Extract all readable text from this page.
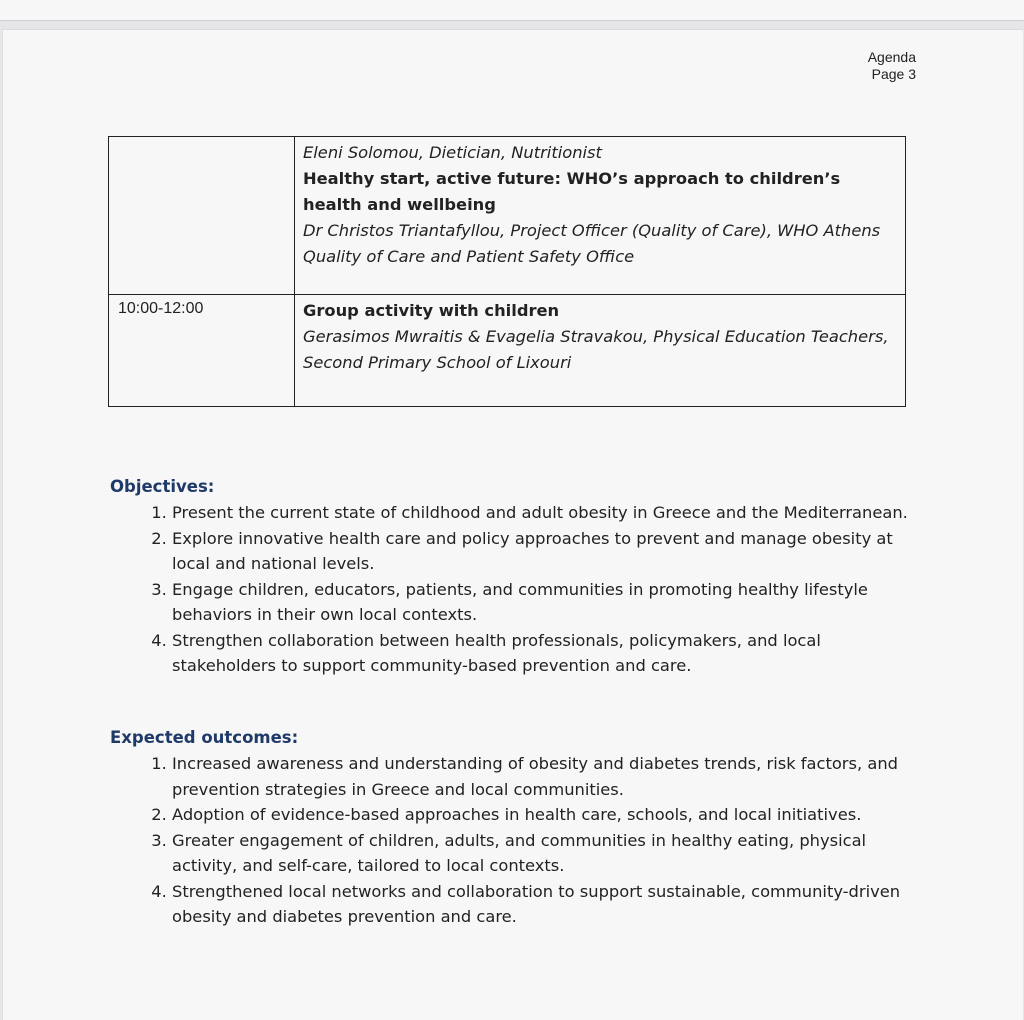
Agenda
Page 3

	Eleni Solomou, Dietician, Nutritionist
Healthy start, active future: WHO’s approach to children’s health and wellbeing
Dr Christos Triantafyllou, Project Officer (Quality of Care), WHO Athens Quality of Care and Patient Safety Office

10:00-12:00	Group activity with children
Gerasimos Mwraitis & Evagelia Stravakou, Physical Education Teachers, Second Primary School of Lixouri
Objectives:
1. Present the current state of childhood and adult obesity in Greece and the Mediterranean.
2. Explore innovative health care and policy approaches to prevent and manage obesity at local and national levels.
3. Engage children, educators, patients, and communities in promoting healthy lifestyle behaviors in their own local contexts.
4. Strengthen collaboration between health professionals, policymakers, and local stakeholders to support community-based prevention and care.
Expected outcomes:
1. Increased awareness and understanding of obesity and diabetes trends, risk factors, and prevention strategies in Greece and local communities.
2. Adoption of evidence-based approaches in health care, schools, and local initiatives.
3. Greater engagement of children, adults, and communities in healthy eating, physical activity, and self-care, tailored to local contexts.
4. Strengthened local networks and collaboration to support sustainable, community-driven obesity and diabetes prevention and care.
